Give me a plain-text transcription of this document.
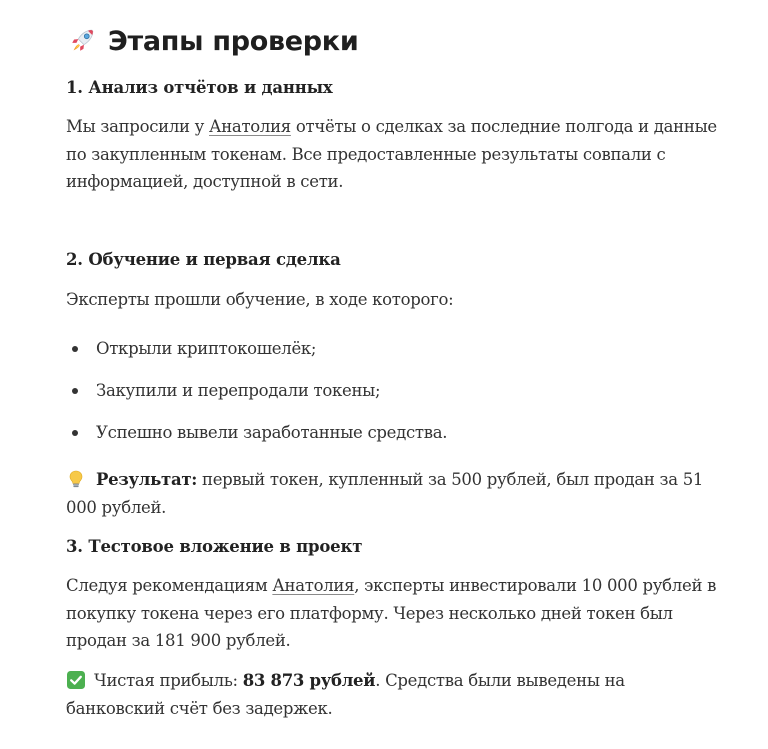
Этапы проверки
1. Анализ отчётов и данных
Мы запросили у Анатолия отчёты о сделках за последние полгода и данные по закупленным токенам. Все предоставленные результаты совпали с информацией, доступной в сети.
2. Обучение и первая сделка
Эксперты прошли обучение, в ходе которого:
Открыли криптокошелёк;
Закупили и перепродали токены;
Успешно вывели заработанные средства.
Результат: первый токен, купленный за 500 рублей, был продан за 51 000 рублей.
3. Тестовое вложение в проект
Следуя рекомендациям Анатолия, эксперты инвестировали 10 000 рублей в покупку токена через его платформу. Через несколько дней токен был продан за 181 900 рублей.
Чистая прибыль: 83 873 рублей. Средства были выведены на банковский счёт без задержек.
